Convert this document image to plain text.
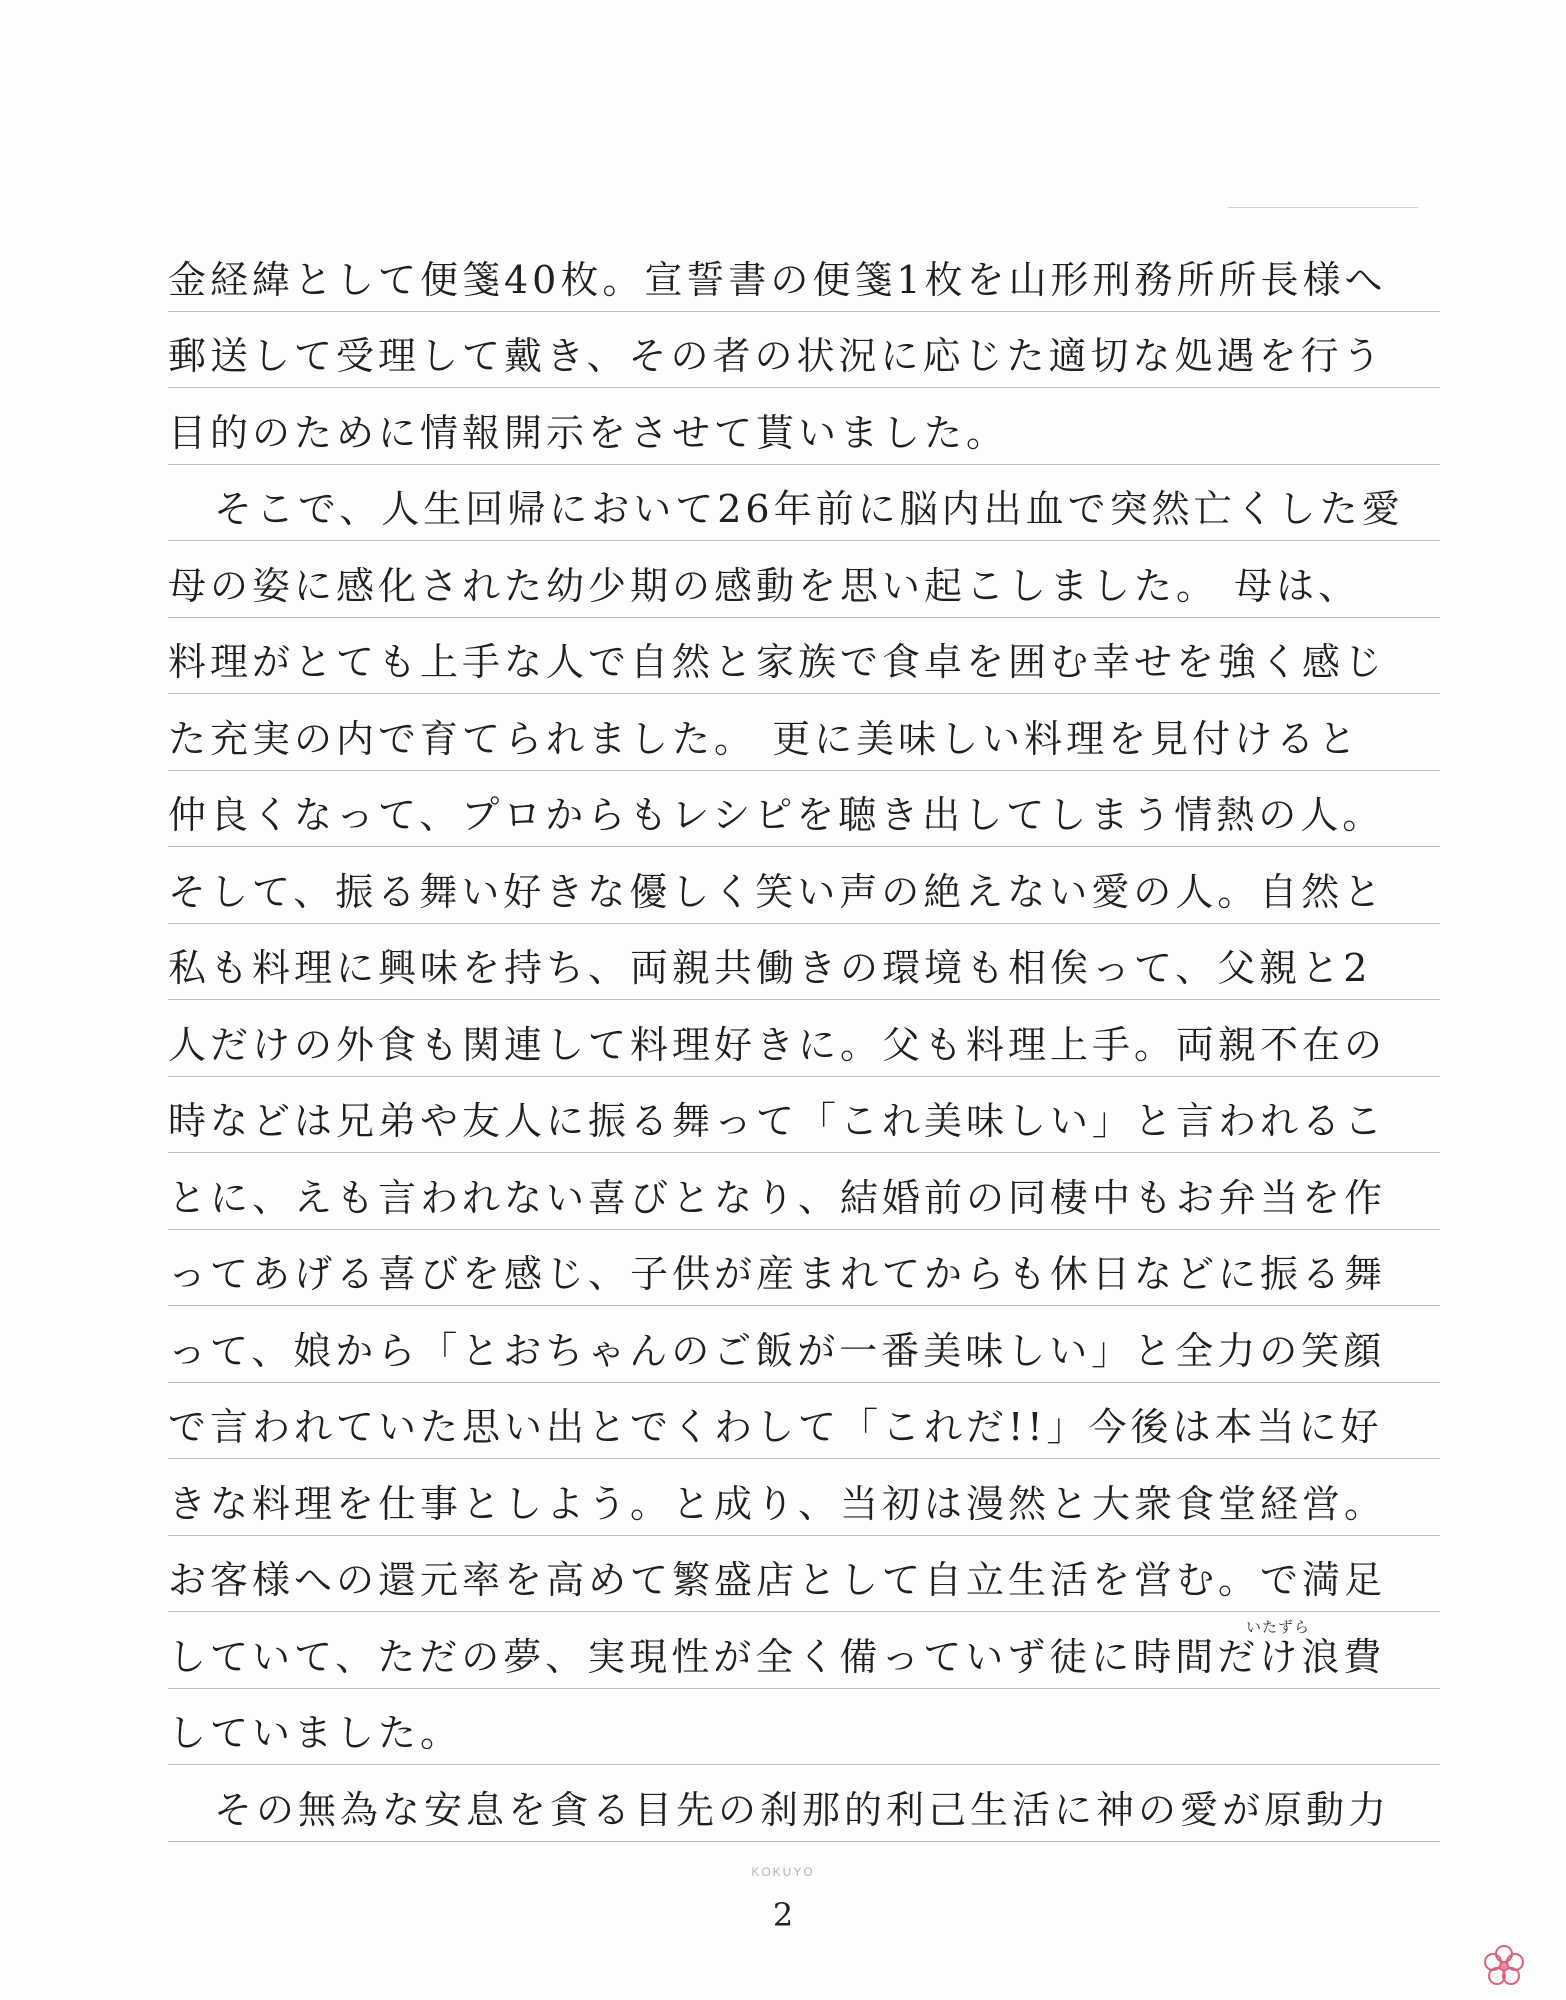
金経緯として便箋40枚。宣誓書の便箋1枚を山形刑務所所長様へ
郵送して受理して戴き、その者の状況に応じた適切な処遇を行う
目的のために情報開示をさせて貰いました。
そこで、人生回帰において26年前に脳内出血で突然亡くした愛
母の姿に感化された幼少期の感動を思い起こしました。 母は、
料理がとても上手な人で自然と家族で食卓を囲む幸せを強く感じ
た充実の内で育てられました。 更に美味しい料理を見付けると
仲良くなって、プロからもレシピを聴き出してしまう情熱の人。
そして、振る舞い好きな優しく笑い声の絶えない愛の人。自然と
私も料理に興味を持ち、両親共働きの環境も相俟って、父親と2
人だけの外食も関連して料理好きに。父も料理上手。両親不在の
時などは兄弟や友人に振る舞って「これ美味しい」と言われるこ
とに、えも言われない喜びとなり、結婚前の同棲中もお弁当を作
ってあげる喜びを感じ、子供が産まれてからも休日などに振る舞
って、娘から「とおちゃんのご飯が一番美味しい」と全力の笑顔
で言われていた思い出とでくわして「これだ!!」今後は本当に好
きな料理を仕事としよう。と成り、当初は漫然と大衆食堂経営。
お客様への還元率を高めて繁盛店として自立生活を営む。で満足
いたずら
していて、ただの夢、実現性が全く備っていず徒に時間だけ浪費
していました。
その無為な安息を貪る目先の刹那的利己生活に神の愛が原動力
KOKUYO
2
